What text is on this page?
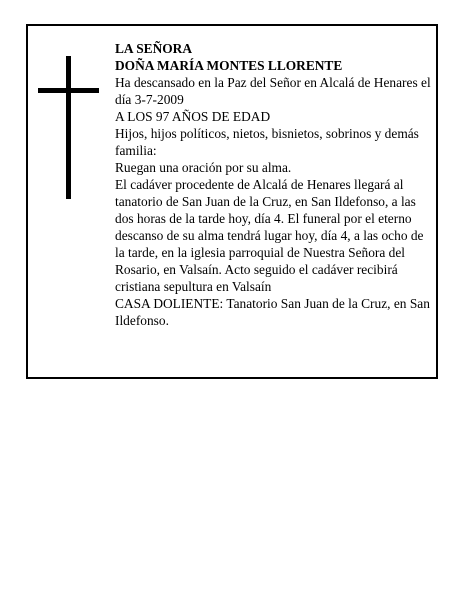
LA SEÑORA

DOÑA MARÍA MONTES LLORENTE

Ha descansado en la Paz del Señor en Alcalá de Henares el día 3-7-2009

A LOS 97 AÑOS DE EDAD

Hijos, hijos políticos, nietos, bisnietos, sobrinos y demás familia:

Ruegan una oración por su alma.

El cadáver procedente de Alcalá de Henares llegará al tanatorio de San Juan de la Cruz, en San Ildefonso, a las dos horas de la tarde hoy, día 4. El funeral por el eterno descanso de su alma tendrá lugar hoy, día 4, a las ocho de la tarde, en la iglesia parroquial de Nuestra Señora del Rosario, en Valsaín. Acto seguido el cadáver recibirá cristiana sepultura en Valsaín

CASA DOLIENTE: Tanatorio San Juan de la Cruz, en San Ildefonso.
